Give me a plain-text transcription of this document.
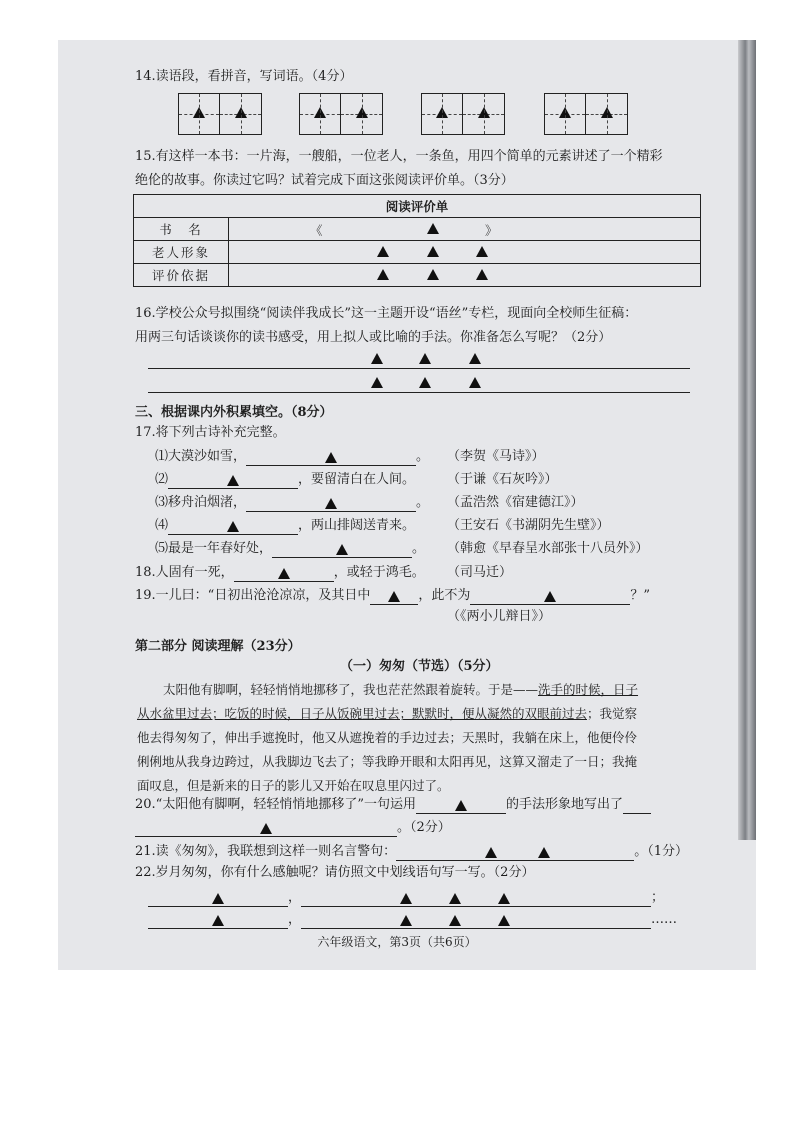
14.读语段，看拼音，写词语。（4分）
15.有这样一本书：一片海，一艘船，一位老人，一条鱼，用四个简单的元素讲述了一个精彩
绝伦的故事。你读过它吗？试着完成下面这张阅读评价单。（3分）
阅读评价单	
书　名	《 》

老人形象	

评价依据	
16.学校公众号拟围绕“阅读伴我成长”这一主题开设“语丝”专栏，现面向全校师生征稿：
用两三句话谈谈你的读书感受，用上拟人或比喻的手法。你准备怎么写呢？（2分）
三、根据课内外积累填空。（8分）
17.将下列古诗补充完整。
⑴大漠沙如雪，	。 （李贺《马诗》）
⑵	，要留清白在人间。 （于谦《石灰吟》）
⑶移舟泊烟渚，	。 （孟浩然《宿建德江》）
⑷	，两山排闼送青来。 （王安石《书湖阴先生壁》）
⑸最是一年春好处，	。 （韩愈《早春呈水部张十八员外》）
18.人固有一死，	，或轻于鸿毛。 （司马迁）
19.一儿曰：“日初出沧沧凉凉，及其日中	，此不为	？”
（《两小儿辩日》）
第二部分 阅读理解（23分）
（一）匆匆（节选）（5分）
太阳他有脚啊，轻轻悄悄地挪移了，我也茫茫然跟着旋转。于是——洗手的时候，日子
从水盆里过去；吃饭的时候，日子从饭碗里过去；默默时，便从凝然的双眼前过去；我觉察
他去得匆匆了，伸出手遮挽时，他又从遮挽着的手边过去；天黑时，我躺在床上，他便伶伶
俐俐地从我身边跨过，从我脚边飞去了；等我睁开眼和太阳再见，这算又溜走了一日；我掩
面叹息，但是新来的日子的影儿又开始在叹息里闪过了。
20.“太阳他有脚啊，轻轻悄悄地挪移了”一句运用	的手法形象地写出了
。（2分）
21.读《匆匆》，我联想到这样一则名言警句：	。（1分）
22.岁月匆匆，你有什么感触呢？请仿照文中划线语句写一写。（2分）
，	；
，	……
六年级语文，第3页（共6页）
